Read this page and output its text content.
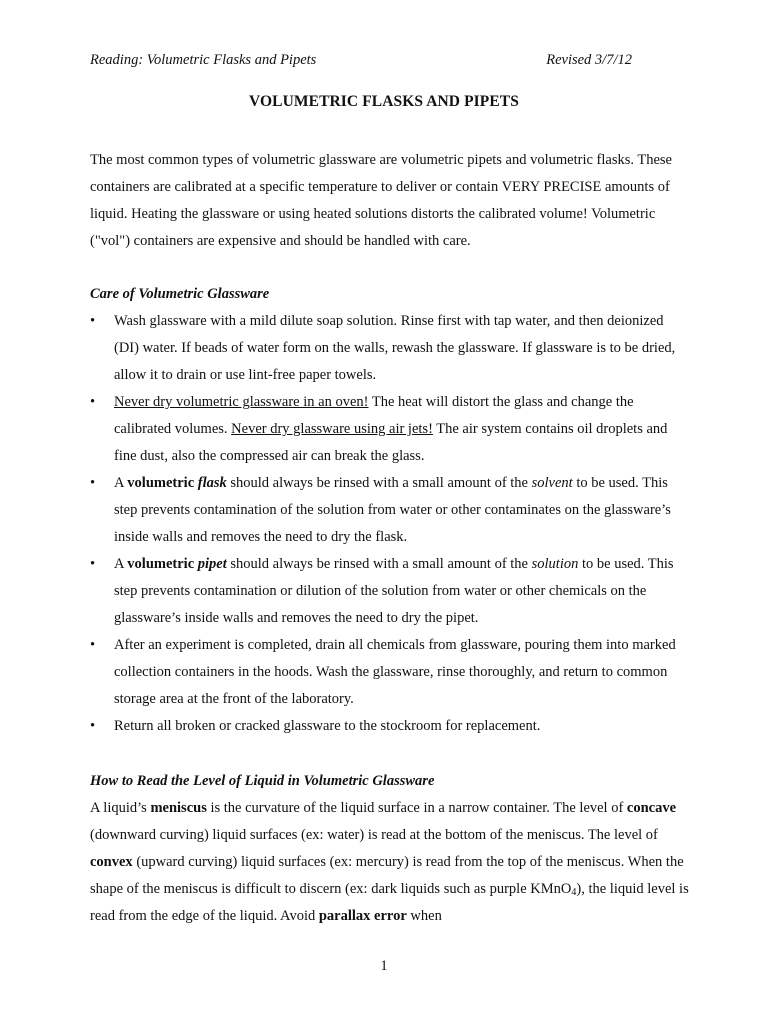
Reading: Volumetric Flasks and Pipets	Revised 3/7/12
VOLUMETRIC FLASKS AND PIPETS

The most common types of volumetric glassware are volumetric pipets and volumetric flasks. These containers are calibrated at a specific temperature to deliver or contain VERY PRECISE amounts of liquid. Heating the glassware or using heated solutions distorts the calibrated volume! Volumetric ("vol") containers are expensive and should be handled with care.

Care of Volumetric Glassware
• Wash glassware with a mild dilute soap solution. Rinse first with tap water, and then deionized (DI) water. If beads of water form on the walls, rewash the glassware. If glassware is to be dried, allow it to drain or use lint-free paper towels.
• Never dry volumetric glassware in an oven! The heat will distort the glass and change the calibrated volumes. Never dry glassware using air jets! The air system contains oil droplets and fine dust, also the compressed air can break the glass.
• A volumetric flask should always be rinsed with a small amount of the solvent to be used. This step prevents contamination of the solution from water or other contaminates on the glassware’s inside walls and removes the need to dry the flask.
• A volumetric pipet should always be rinsed with a small amount of the solution to be used. This step prevents contamination or dilution of the solution from water or other chemicals on the glassware’s inside walls and removes the need to dry the pipet.
• After an experiment is completed, drain all chemicals from glassware, pouring them into marked collection containers in the hoods. Wash the glassware, rinse thoroughly, and return to common storage area at the front of the laboratory.
• Return all broken or cracked glassware to the stockroom for replacement.
How to Read the Level of Liquid in Volumetric Glassware

A liquid’s meniscus is the curvature of the liquid surface in a narrow container. The level of concave (downward curving) liquid surfaces (ex: water) is read at the bottom of the meniscus. The level of convex (upward curving) liquid surfaces (ex: mercury) is read from the top of the meniscus. When the shape of the meniscus is difficult to discern (ex: dark liquids such as purple KMnO$_4$), the liquid level is read from the edge of the liquid. Avoid parallax error when

1
